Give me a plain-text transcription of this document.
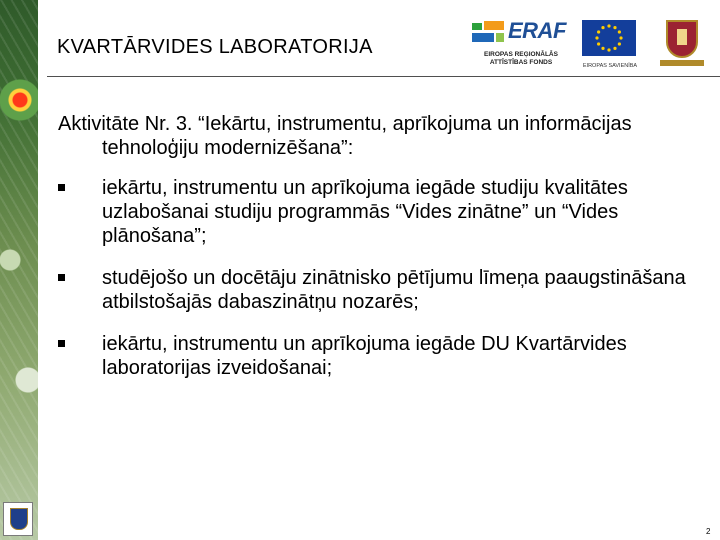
KVARTĀRVIDES LABORATORIJA
ERAF
EIROPAS REĢIONĀLĀS ATTĪSTĪBAS FONDS	EIROPAS SAVIENĪBA

Aktivitāte Nr. 3. “Iekārtu, instrumentu, aprīkojuma un informācijas tehnoloģiju modernizēšana”:

iekārtu, instrumentu un aprīkojuma iegāde studiju kvalitātes uzlabošanai studiju programmās “Vides zinātne” un “Vides plānošana”;
studējošo un docētāju zinātnisko pētījumu līmeņa paaugstināšana atbilstošajās dabaszinātņu nozarēs;
iekārtu, instrumentu un aprīkojuma iegāde DU Kvartārvides laboratorijas izveidošanai;
2
